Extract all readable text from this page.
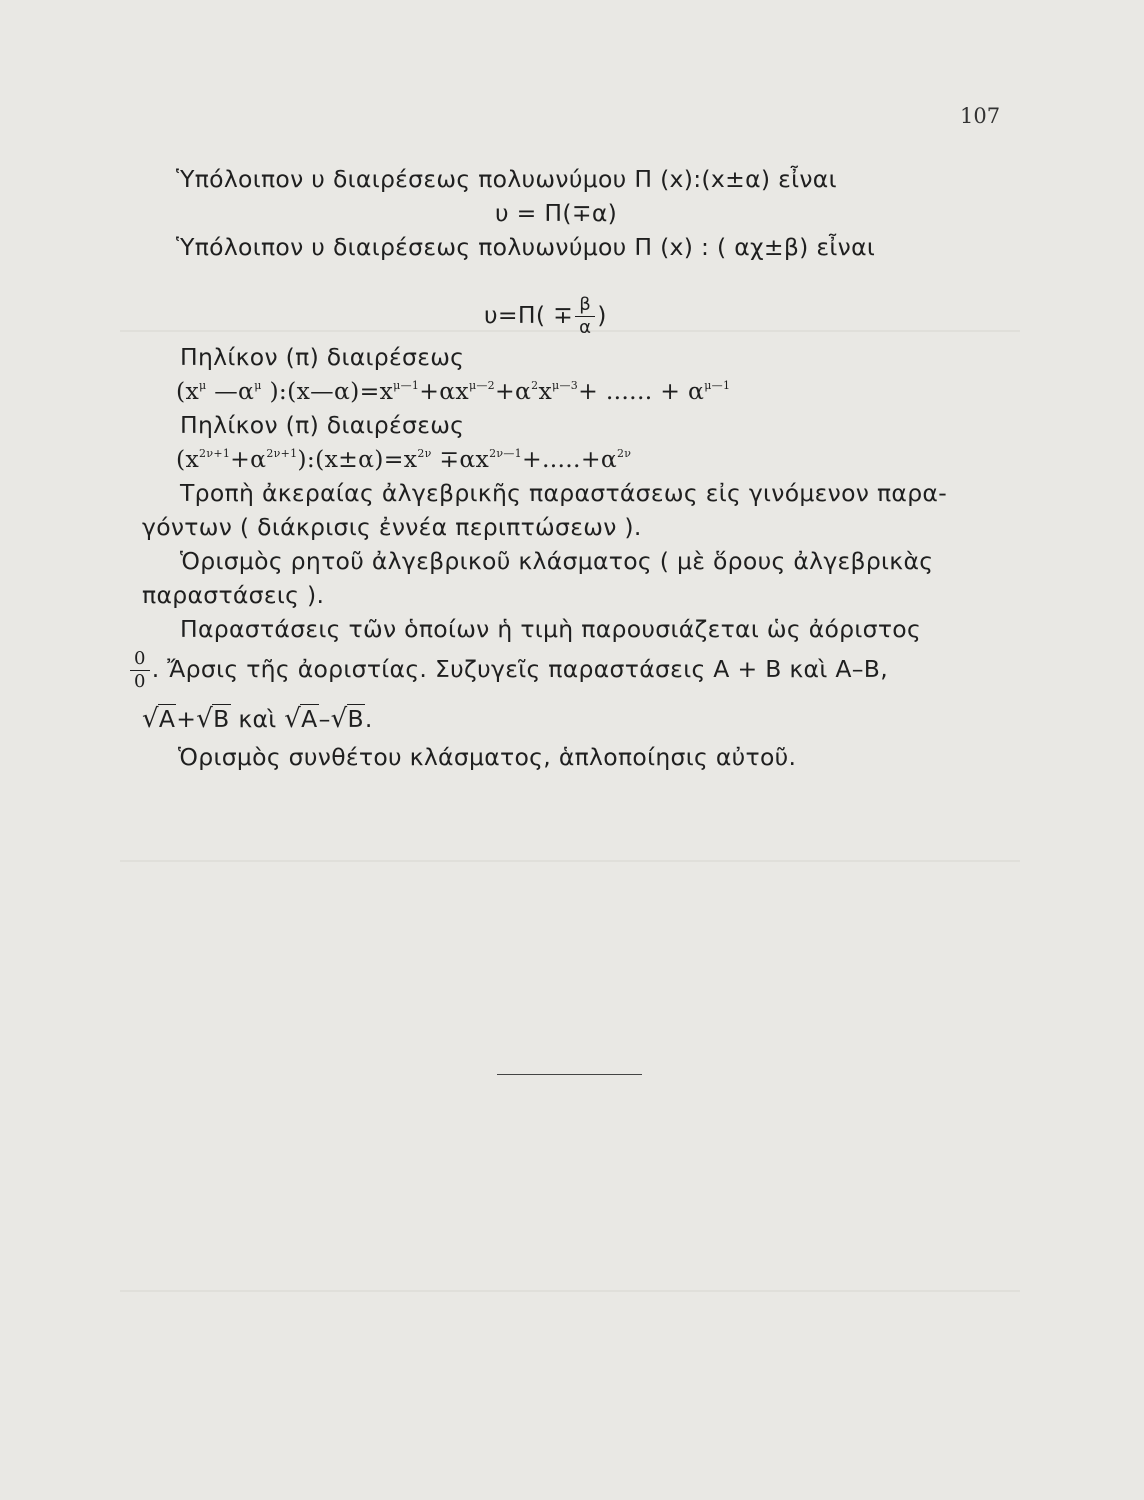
107
Ὑπόλοιπον υ διαιρέσεως πολυωνύμου Π (x):(x±α) εἶναι
υ = Π(∓α)
Ὑπόλοιπον υ διαιρέσεως πολυωνύμου Π (x) : ( αχ±β) εἶναι
$\upsilon=\Pi( \mp \frac{\beta}{\alpha}$ )
Πηλίκον (π) διαιρέσεως
($x^\mu$ $—\alpha^\mu$ )$:(x—\alpha)=x^{\mu—1}+\alpha x^{\mu—2}+\alpha^2x^{\mu—3}+$ ...... + $\alpha^{\mu—1}$
Πηλίκον (π) διαιρέσεως
$(x^{2\nu+1}+\alpha^{2\nu+1}):(x\pm\alpha)=x^{2\nu} \mp\alpha x^{2\nu—1}+.....+\alpha^{2\nu}$
Τροπὴ ἀκεραίας ἀλγεβρικῆς παραστάσεως εἰς γινόμενον παρα-
γόντων ( διάκρισις ἐννέα περιπτώσεων ).
Ὁρισμὸς ρητοῦ ἀλγεβρικοῦ κλάσματος ( μὲ ὅρους ἀλγεβρικὰς
παραστάσεις ).
Παραστάσεις τῶν ὁποίων ἡ τιμὴ παρουσιάζεται ὡς ἀόριστος
$\frac{0}{0}$ . Ἄρσις τῆς ἀοριστίας. Συζυγεῖς παραστάσεις Α + Β καὶ Α–Β,
√Α+√Β καὶ √Α–√Β.
Ὁρισμὸς συνθέτου κλάσματος, ἁπλοποίησις αὐτοῦ.
